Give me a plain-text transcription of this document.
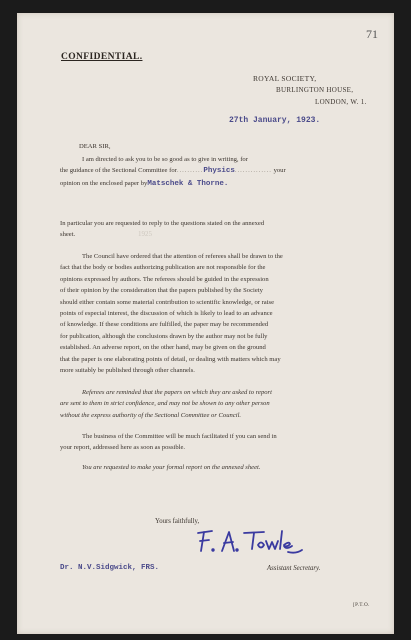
71
CONFIDENTIAL.
ROYAL SOCIETY,
BURLINGTON HOUSE,
LONDON, W. 1.
27th January, 1923.
DEAR SIR,
I am directed to ask you to be so good as to give in writing, for
the guidance of the Sectional Committee for..........Physics.............. your
opinion on the enclosed paper byMatschek & Thorne.
In particular you are requested to reply to the questions stated on the annexed
sheet.	1925
The Council have ordered that the attention of referees shall be drawn to the
fact that the body or bodies authorizing publication are not responsible for the
opinions expressed by authors. The referees should be guided in the expression
of their opinion by the consideration that the papers published by the Society
should either contain some material contribution to scientific knowledge, or raise
points of especial interest, the discussion of which is likely to lead to an advance
of knowledge. If these conditions are fulfilled, the paper may be recommended
for publication, although the conclusions drawn by the author may not be fully
established. An adverse report, on the other hand, may be given on the ground
that the paper is one elaborating points of detail, or dealing with matters which may
more suitably be published through other channels.
Referees are reminded that the papers on which they are asked to report
are sent to them in strict confidence, and may not be shown to any other person
without the express authority of the Sectional Committee or Council.
The business of the Committee will be much facilitated if you can send in
your report, addressed here as soon as possible.
You are requested to make your formal report on the annexed sheet.
Yours faithfully,
Dr. N.V.Sidgwick, FRS.	Assistant Secretary.
[P.T.O.
